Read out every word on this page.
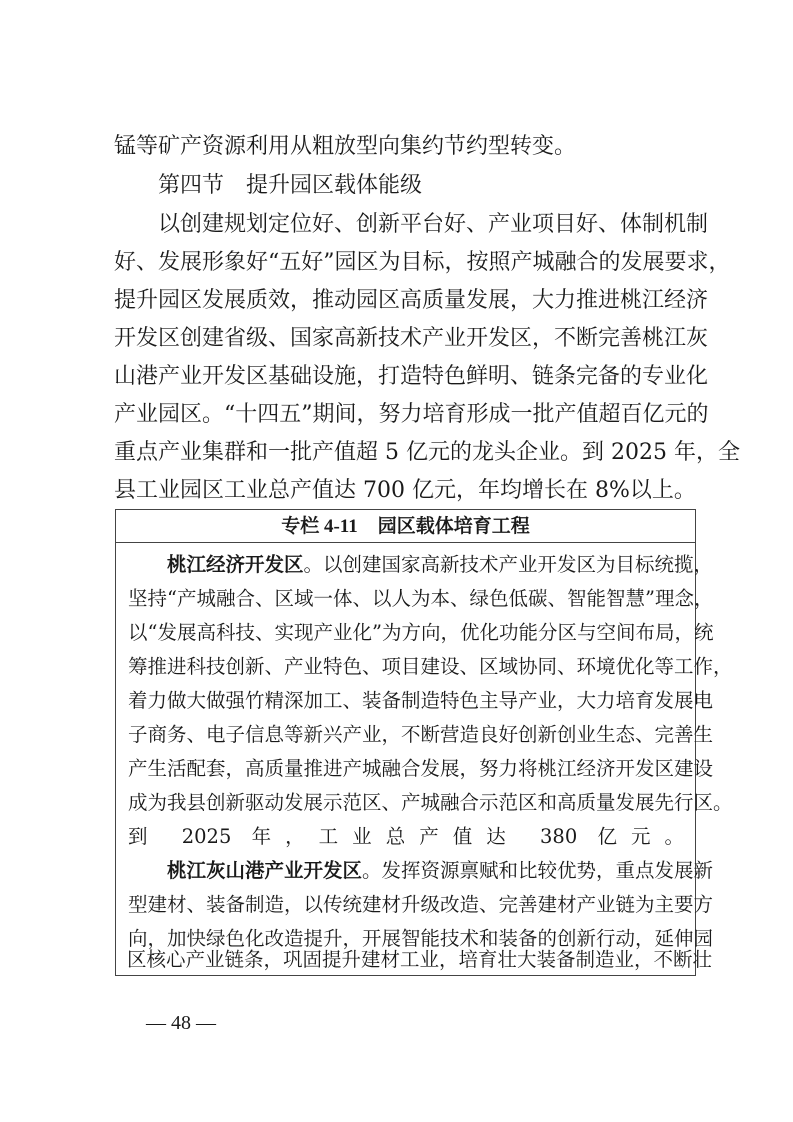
锰等矿产资源利用从粗放型向集约节约型转变。
第四节 提升园区载体能级
以创建规划定位好、创新平台好、产业项目好、体制机制
好、发展形象好“五好”园区为目标，按照产城融合的发展要求，
提升园区发展质效，推动园区高质量发展，大力推进桃江经济
开发区创建省级、国家高新技术产业开发区，不断完善桃江灰
山港产业开发区基础设施，打造特色鲜明、链条完备的专业化
产业园区。“十四五”期间，努力培育形成一批产值超百亿元的
重点产业集群和一批产值超 5 亿元的龙头企业。到 2025 年，全
县工业园区工业总产值达 700 亿元，年均增长在 8%以上。
专栏 4-11 园区载体培育工程
桃江经济开发区。以创建国家高新技术产业开发区为目标统揽，
坚持“产城融合、区域一体、以人为本、绿色低碳、智能智慧”理念，
以“发展高科技、实现产业化”为方向，优化功能分区与空间布局，统
筹推进科技创新、产业特色、项目建设、区域协同、环境优化等工作，
着力做大做强竹精深加工、装备制造特色主导产业，大力培育发展电
子商务、电子信息等新兴产业，不断营造良好创新创业生态、完善生
产生活配套，高质量推进产城融合发展，努力将桃江经济开发区建设
成为我县创新驱动发展示范区、产城融合示范区和高质量发展先行区。
到 2025 年，工业总产值达 380 亿元。
桃江灰山港产业开发区。发挥资源禀赋和比较优势，重点发展新
型建材、装备制造，以传统建材升级改造、完善建材产业链为主要方
向，加快绿色化改造提升，开展智能技术和装备的创新行动，延伸园
区核心产业链条，巩固提升建材工业，培育壮大装备制造业，不断壮
— 48 —
